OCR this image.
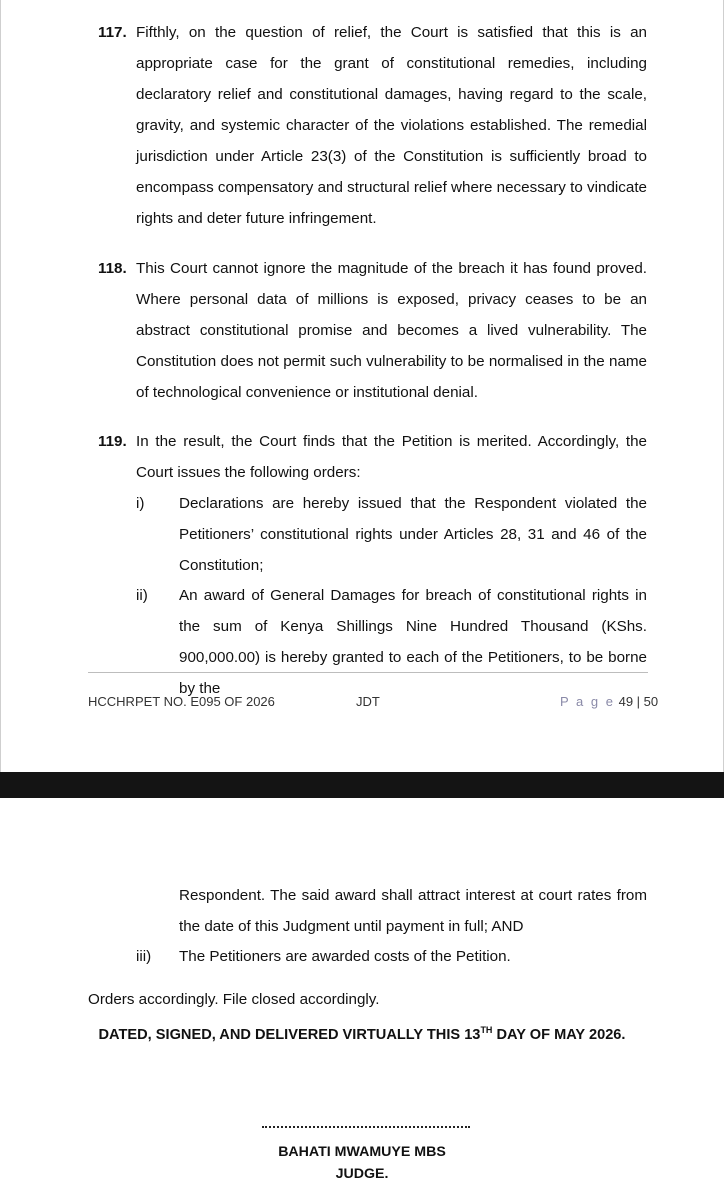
117. Fifthly, on the question of relief, the Court is satisfied that this is an appropriate case for the grant of constitutional remedies, including declaratory relief and constitutional damages, having regard to the scale, gravity, and systemic character of the violations established. The remedial jurisdiction under Article 23(3) of the Constitution is sufficiently broad to encompass compensatory and structural relief where necessary to vindicate rights and deter future infringement.
118. This Court cannot ignore the magnitude of the breach it has found proved. Where personal data of millions is exposed, privacy ceases to be an abstract constitutional promise and becomes a lived vulnerability. The Constitution does not permit such vulnerability to be normalised in the name of technological convenience or institutional denial.
119. In the result, the Court finds that the Petition is merited. Accordingly, the Court issues the following orders:
i) Declarations are hereby issued that the Respondent violated the Petitioners’ constitutional rights under Articles 28, 31 and 46 of the Constitution;
ii) An award of General Damages for breach of constitutional rights in the sum of Kenya Shillings Nine Hundred Thousand (KShs. 900,000.00) is hereby granted to each of the Petitioners, to be borne by the
HCCHRPET NO. E095 OF 2026	JDT	P a g e 49 | 50
Respondent. The said award shall attract interest at court rates from the date of this Judgment until payment in full; AND
iii) The Petitioners are awarded costs of the Petition.
Orders accordingly. File closed accordingly.
DATED, SIGNED, AND DELIVERED VIRTUALLY THIS 13TH DAY OF MAY 2026.
BAHATI MWAMUYE MBS
JUDGE.
